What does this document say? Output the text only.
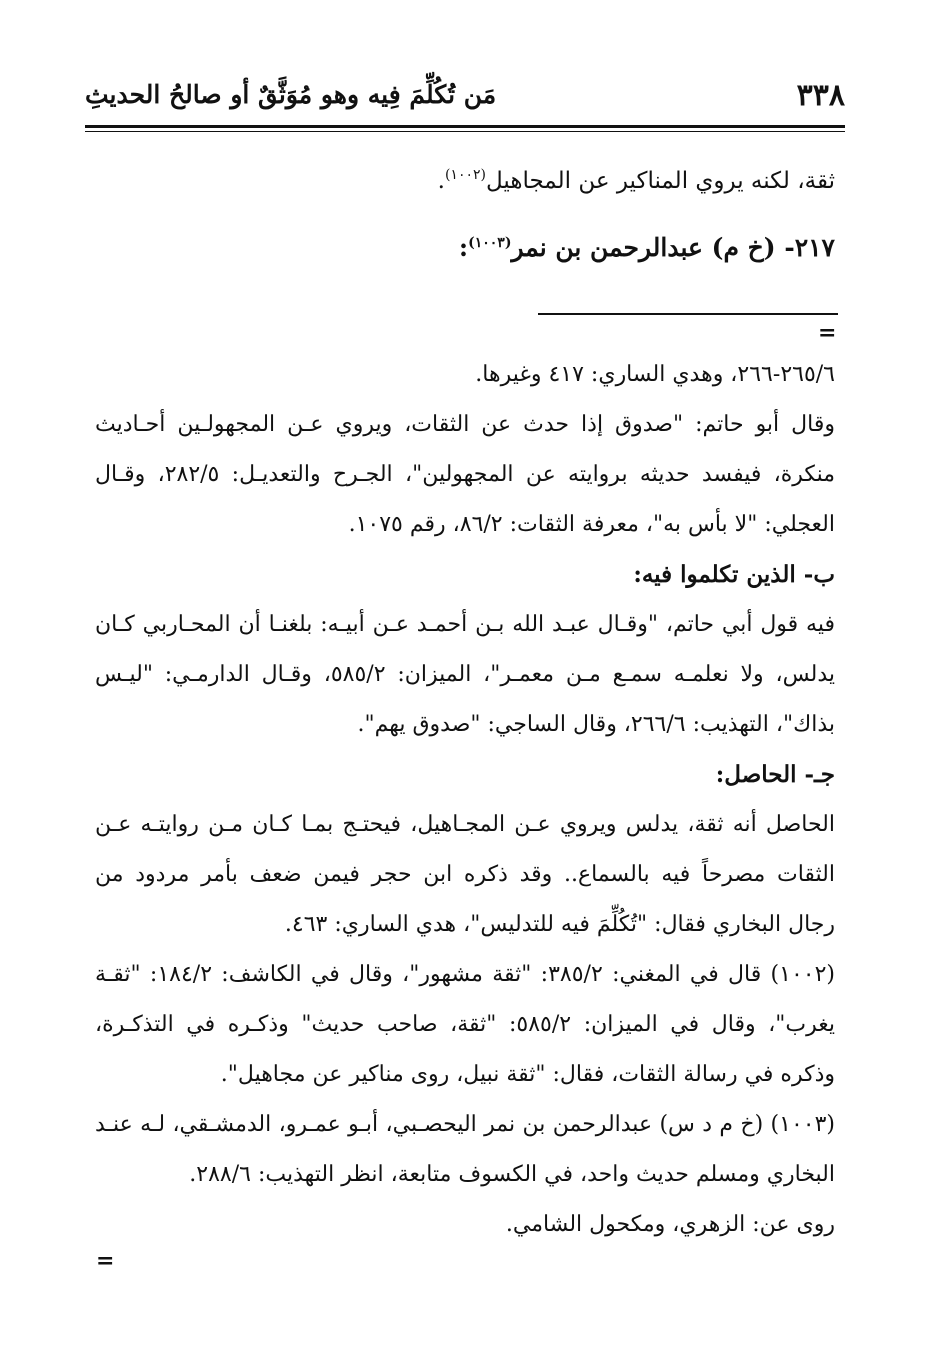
٣٣٨
مَن تُكُلِّمَ فِيه وهو مُوَثَّقٌ أو صالحُ الحديثِ
ثقة، لكنه يروي المناكير عن المجاهيل$^{(١٠٠٢)}$.
٢١٧- (خ م) عبدالرحمن بن نمر$^{(١٠٠٣)}$:
=

٢٦٥/٦-٢٦٦، وهدي الساري: ٤١٧ وغيرها.

وقال أبو حاتم: "صدوق إذا حدث عن الثقات، ويروي عـن المجهولـين أحـاديث

منكرة، فيفسد حديثه بروايته عن المجهولين"، الجـرح والتعديـل: ٢٨٢/٥، وقـال

العجلي: "لا بأس به"، معرفة الثقات: ٨٦/٢، رقم ١٠٧٥.

ب- الذين تكلموا فيه:

فيه قول أبي حاتم، "وقـال عبـد الله بـن أحمـد عـن أبيـه: بلغنـا أن المحـاربي كـان

يدلس، ولا نعلمـه سمـع مـن معمـر"، الميزان: ٥٨٥/٢، وقـال الدارمـي: "ليـس

بذاك"، التهذيب: ٢٦٦/٦، وقال الساجي: "صدوق يهم".

جـ- الحاصل:

الحاصل أنه ثقة، يدلس ويروي عـن المجـاهيل، فيحتـج بمـا كـان مـن روايتـه عـن

الثقات مصرحاً فيه بالسماع.. وقد ذكره ابن حجر فيمن ضعف بأمر مردود من

رجال البخاري فقال: "تُكُلِّمَ فيه للتدليس"، هدي الساري: ٤٦٣.

(١٠٠٢) قال في المغني: ٣٨٥/٢: "ثقة مشهور"، وقال في الكاشف: ١٨٤/٢: "ثقـة

يغرب"، وقال في الميزان: ٥٨٥/٢: "ثقة، صاحب حديث" وذكـره في التذكـرة،

وذكره في رسالة الثقات، فقال: "ثقة نبيل، روى مناكير عن مجاهيل".

(١٠٠٣) (خ م د س) عبدالرحمن بن نمر اليحصـبي، أبـو عمـرو، الدمشـقي، لـه عنـد

البخاري ومسلم حديث واحد، في الكسوف متابعة، انظر التهذيب: ٢٨٨/٦.

روى عن: الزهري، ومكحول الشامي.

=
